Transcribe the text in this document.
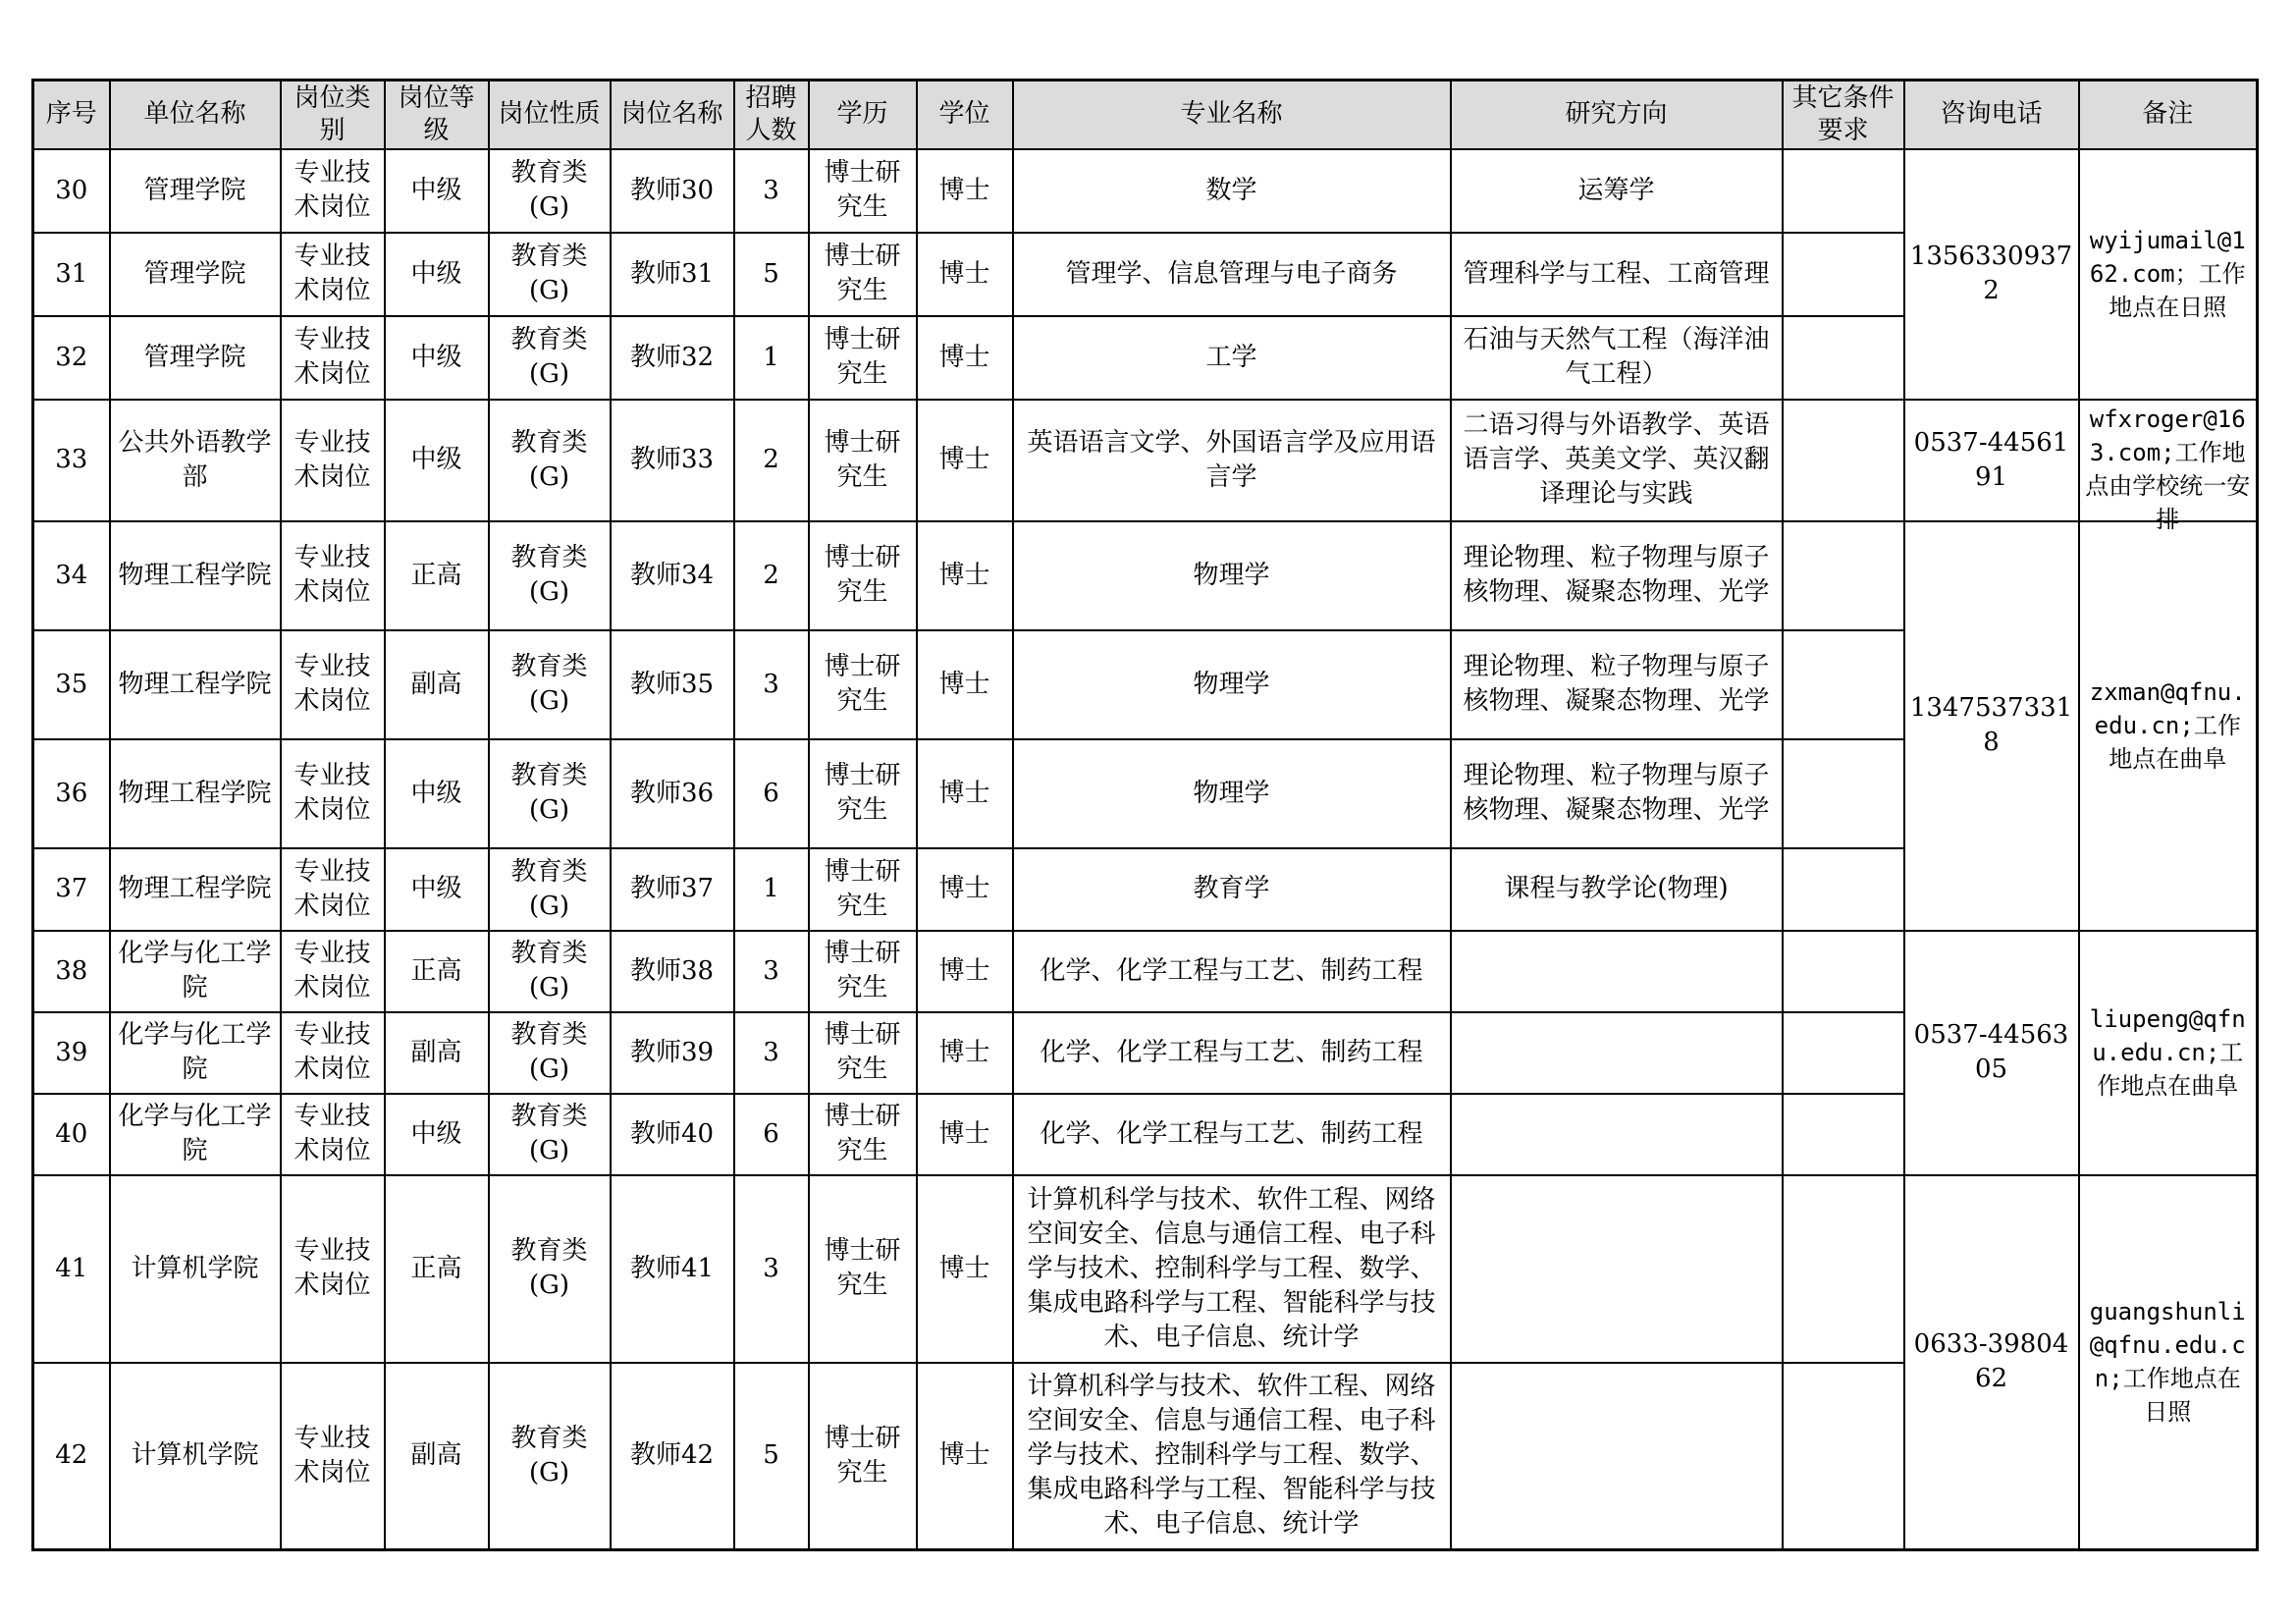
序号	单位名称	岗位类别	岗位等级	岗位性质	岗位名称	招聘人数	学历	学位	专业名称	研究方向	其它条件要求	咨询电话	备注
30	管理学院	专业技术岗位	中级	教育类(G)	教师30	3	博士研究生	博士	数学	运筹学		13563309372	wyijumail@162.com；工作地点在日照
31	管理学院	专业技术岗位	中级	教育类(G)	教师31	5	博士研究生	博士	管理学、信息管理与电子商务	管理科学与工程、工商管理			
32	管理学院	专业技术岗位	中级	教育类(G)	教师32	1	博士研究生	博士	工学	石油与天然气工程（海洋油气工程）			
33	公共外语教学部	专业技术岗位	中级	教育类(G)	教师33	2	博士研究生	博士	英语语言文学、外国语言学及应用语言学	二语习得与外语教学、英语语言学、英美文学、英汉翻译理论与实践		0537-4456191	wfxroger@163.com;工作地点由学校统一安排

34	物理工程学院	专业技术岗位	正高	教育类(G)	教师34	2	博士研究生	博士	物理学	理论物理、粒子物理与原子核物理、凝聚态物理、光学		13475373318	zxman@qfnu.edu.cn;工作地点在曲阜
35	物理工程学院	专业技术岗位	副高	教育类(G)	教师35	3	博士研究生	博士	物理学	理论物理、粒子物理与原子核物理、凝聚态物理、光学			
36	物理工程学院	专业技术岗位	中级	教育类(G)	教师36	6	博士研究生	博士	物理学	理论物理、粒子物理与原子核物理、凝聚态物理、光学			
37	物理工程学院	专业技术岗位	中级	教育类(G)	教师37	1	博士研究生	博士	教育学	课程与教学论(物理)			
38	化学与化工学院	专业技术岗位	正高	教育类(G)	教师38	3	博士研究生	博士	化学、化学工程与工艺、制药工程			0537-4456305	liupeng@qfnu.edu.cn;工作地点在曲阜
39	化学与化工学院	专业技术岗位	副高	教育类(G)	教师39	3	博士研究生	博士	化学、化学工程与工艺、制药工程				
40	化学与化工学院	专业技术岗位	中级	教育类(G)	教师40	6	博士研究生	博士	化学、化学工程与工艺、制药工程				
41	计算机学院	专业技术岗位	正高	教育类(G)	教师41	3	博士研究生	博士	计算机科学与技术、软件工程、网络空间安全、信息与通信工程、电子科学与技术、控制科学与工程、数学、集成电路科学与工程、智能科学与技术、电子信息、统计学			0633-3980462	guangshunli@qfnu.edu.cn;工作地点在日照
42	计算机学院	专业技术岗位	副高	教育类(G)	教师42	5	博士研究生	博士	计算机科学与技术、软件工程、网络空间安全、信息与通信工程、电子科学与技术、控制科学与工程、数学、集成电路科学与工程、智能科学与技术、电子信息、统计学				
